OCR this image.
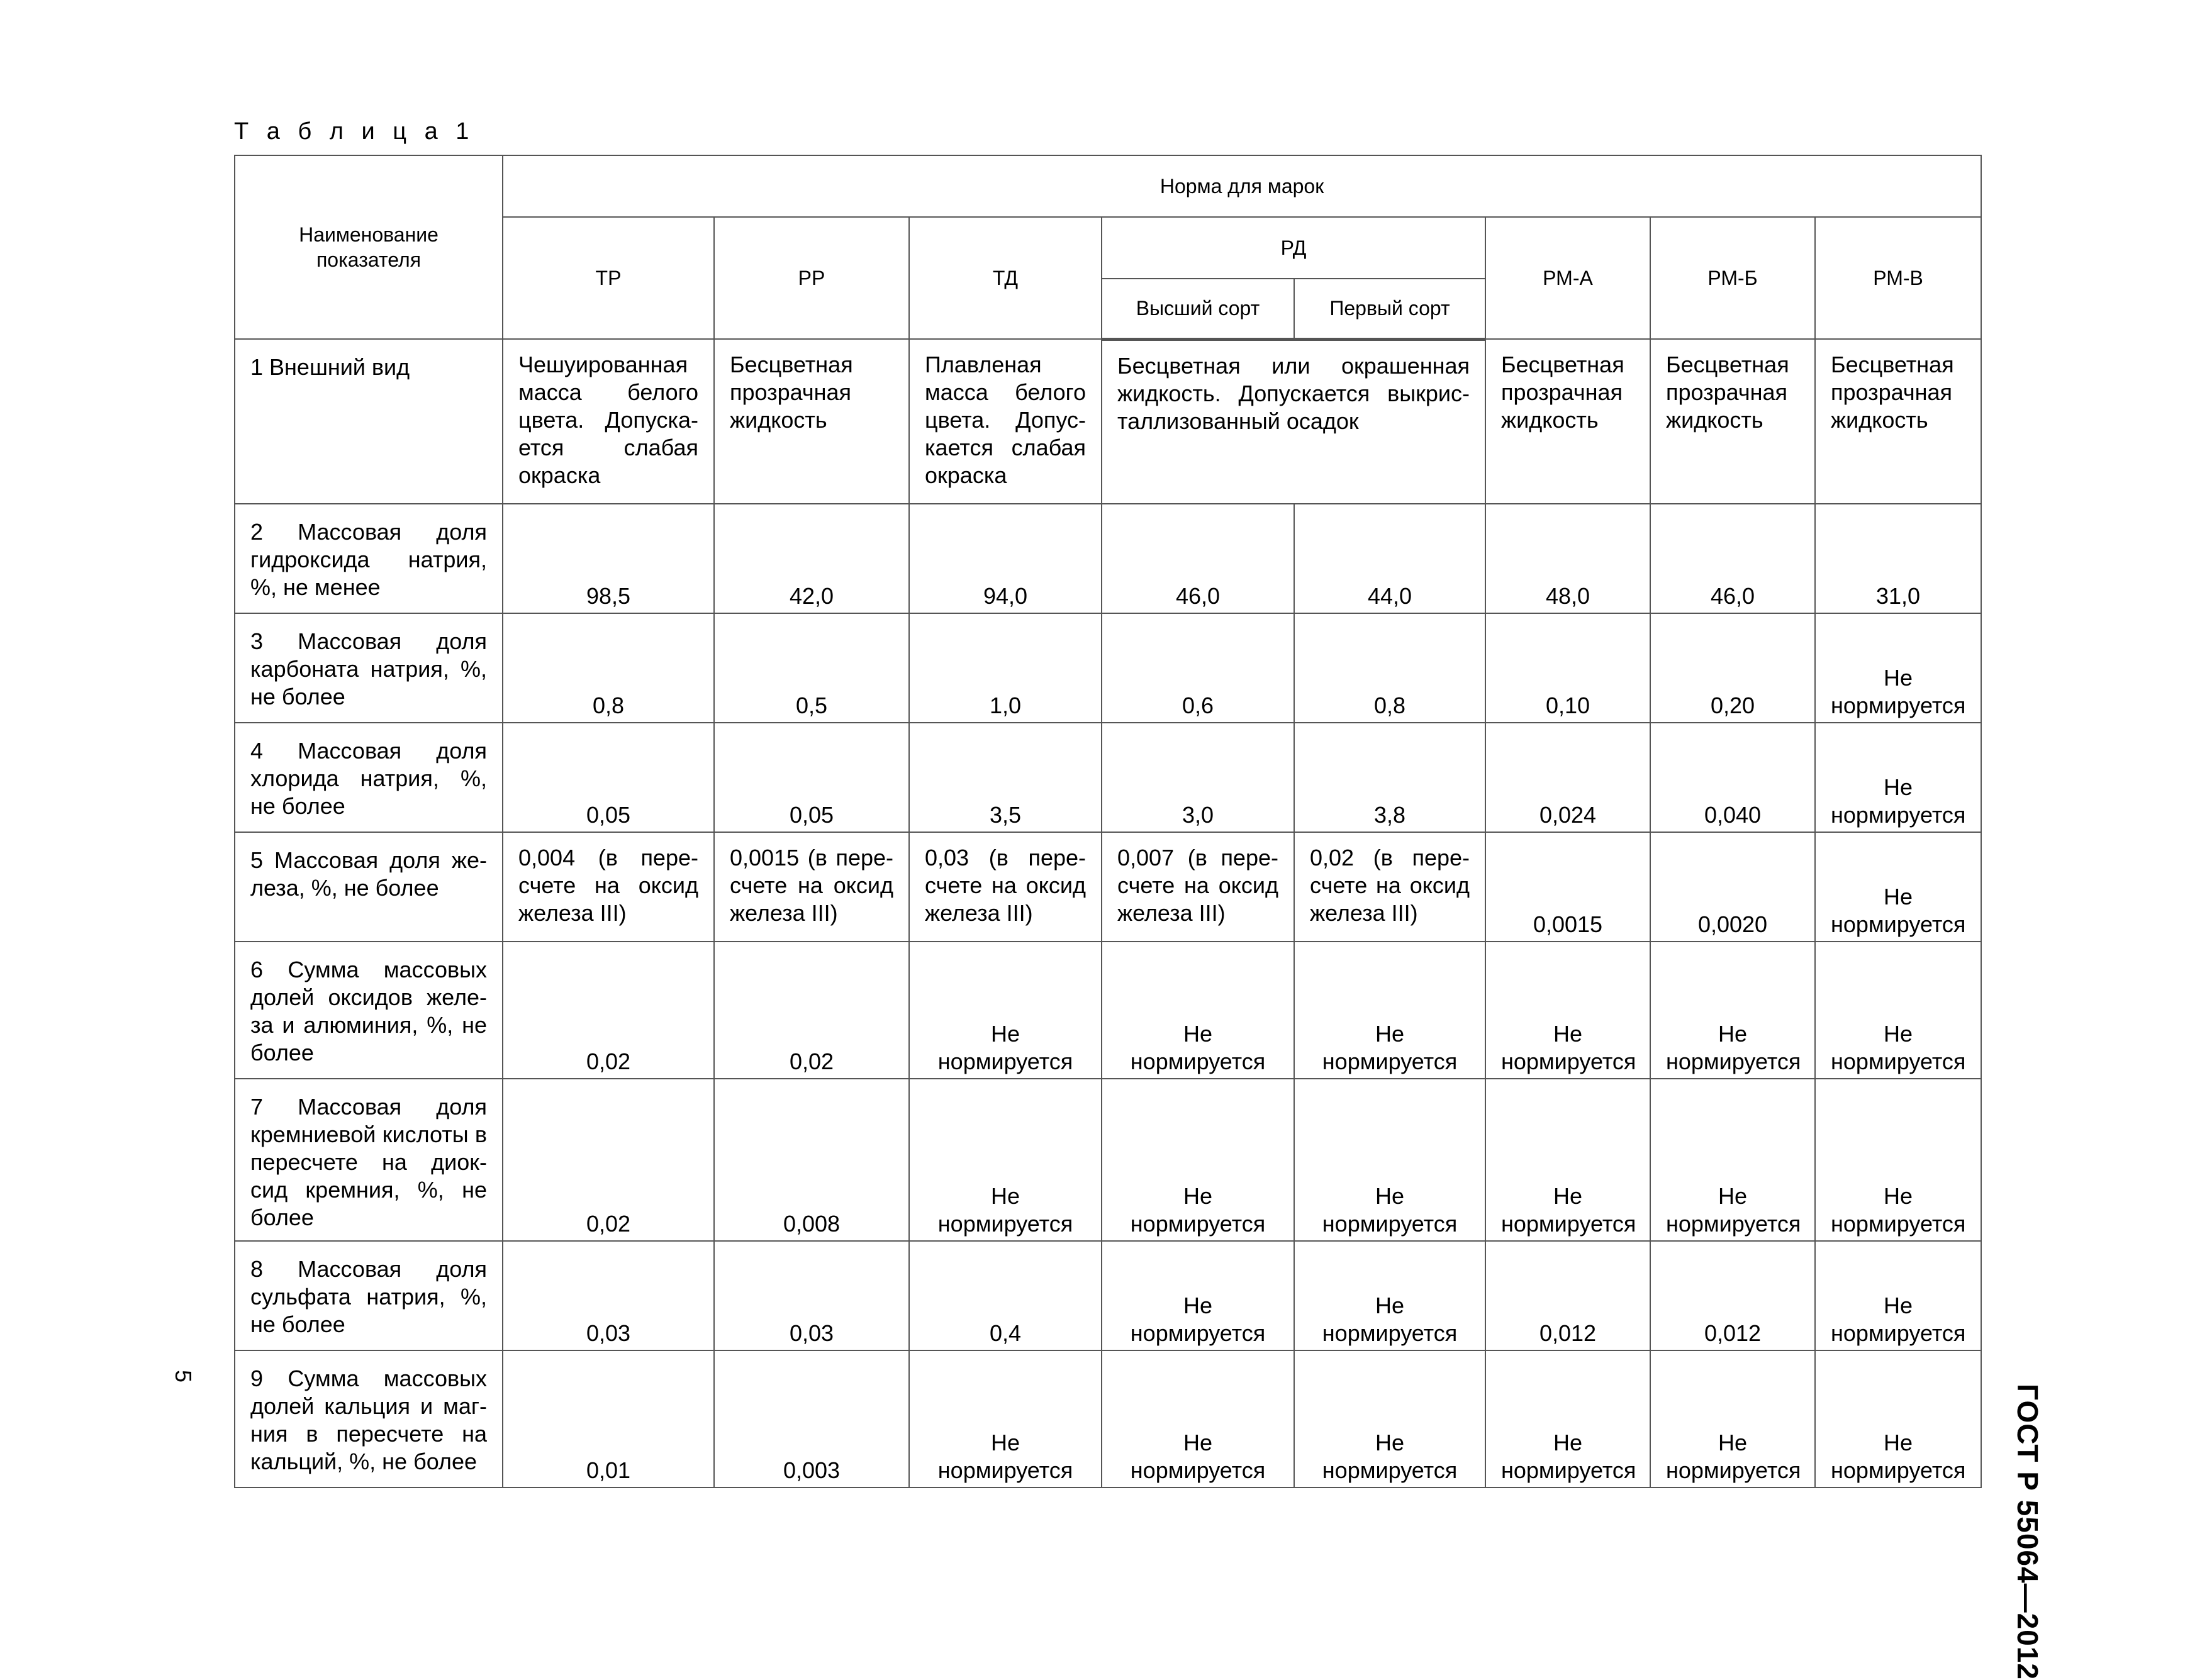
Т а б л и ц а 1
Наименование показателя	Норма для марок							
	ТР	РР	ТД	РД		РМ-А	РМ-Б	РМ-В
				Высший сорт	Первый сорт			
1 Внешний вид	Чешуированная масса белого цвета. Допуска-ется слабая окраска	Бесцветная прозрачная жидкость	Плавленая масса белого цвета. Допус-кается слабая окраска	Бесцветная или окрашенная жидкость. Допускается выкрис-таллизованный осадок		Бесцветная прозрачная жидкость	Бесцветная прозрачная жидкость	Бесцветная прозрачная жидкость
2 Массовая доля гидроксида натрия, %, не менее	98,5	42,0	94,0	46,0	44,0	48,0	46,0	31,0
3 Массовая доля карбоната натрия, %, не более	0,8	0,5	1,0	0,6	0,8	0,10	0,20	Не нормируется
4 Массовая доля хлорида натрия, %, не более	0,05	0,05	3,5	3,0	3,8	0,024	0,040	Не нормируется
5 Массовая доля же-леза, %, не более	0,004 (в пере-счете на оксид железа III)	0,0015 (в пере-счете на оксид железа III)	0,03 (в пере-счете на оксид железа III)	0,007 (в пере-счете на оксид железа III)	0,02 (в пере-счете на оксид железа III)	0,0015	0,0020	Не нормируется
6 Сумма массовых долей оксидов желе-за и алюминия, %, не более	0,02	0,02	Не нормируется	Не нормируется	Не нормируется	Не нормируется	Не нормируется	Не нормируется
7 Массовая доля кремниевой кислоты в пересчете на диок-сид кремния, %, не более	0,02	0,008	Не нормируется	Не нормируется	Не нормируется	Не нормируется	Не нормируется	Не нормируется
8 Массовая доля сульфата натрия, %, не более	0,03	0,03	0,4	Не нормируется	Не нормируется	0,012	0,012	Не нормируется
9 Сумма массовых долей кальция и маг-ния в пересчете на кальций, %, не более	0,01	0,003	Не нормируется	Не нормируется	Не нормируется	Не нормируется	Не нормируется	Не нормируется ГОСТ Р 55064—2012
5
